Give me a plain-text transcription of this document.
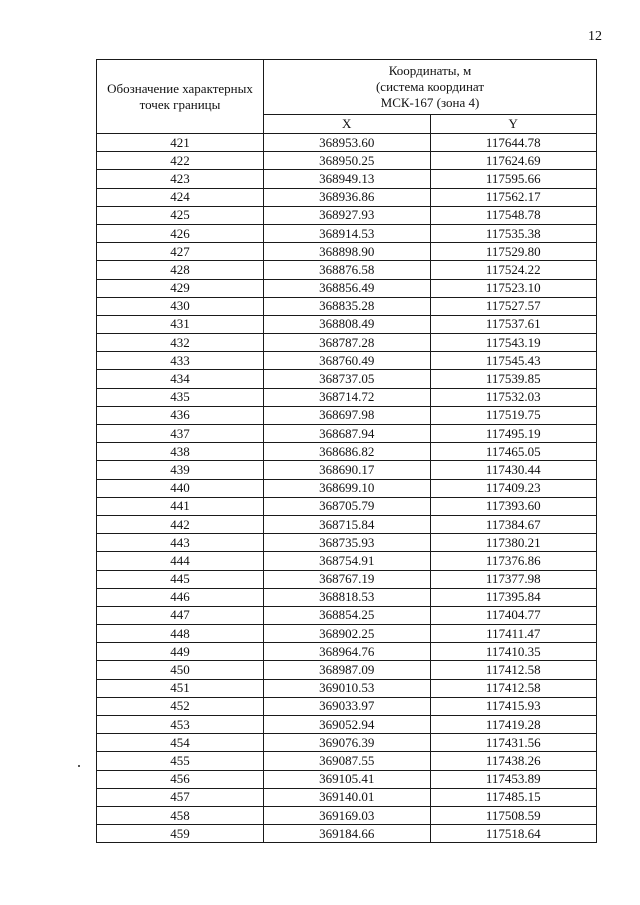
12
Обозначение характерных точек границы	Координаты, м
(система координат
МСК-167 (зона 4)	

	X	Y
421	368953.60	117644.78
422	368950.25	117624.69
423	368949.13	117595.66
424	368936.86	117562.17
425	368927.93	117548.78
426	368914.53	117535.38
427	368898.90	117529.80
428	368876.58	117524.22
429	368856.49	117523.10
430	368835.28	117527.57
431	368808.49	117537.61
432	368787.28	117543.19
433	368760.49	117545.43
434	368737.05	117539.85
435	368714.72	117532.03
436	368697.98	117519.75
437	368687.94	117495.19
438	368686.82	117465.05
439	368690.17	117430.44
440	368699.10	117409.23
441	368705.79	117393.60
442	368715.84	117384.67
443	368735.93	117380.21
444	368754.91	117376.86
445	368767.19	117377.98
446	368818.53	117395.84
447	368854.25	117404.77
448	368902.25	117411.47
449	368964.76	117410.35
450	368987.09	117412.58
451	369010.53	117412.58
452	369033.97	117415.93
453	369052.94	117419.28
454	369076.39	117431.56
455	369087.55	117438.26
456	369105.41	117453.89
457	369140.01	117485.15
458	369169.03	117508.59
459	369184.66	117518.64
